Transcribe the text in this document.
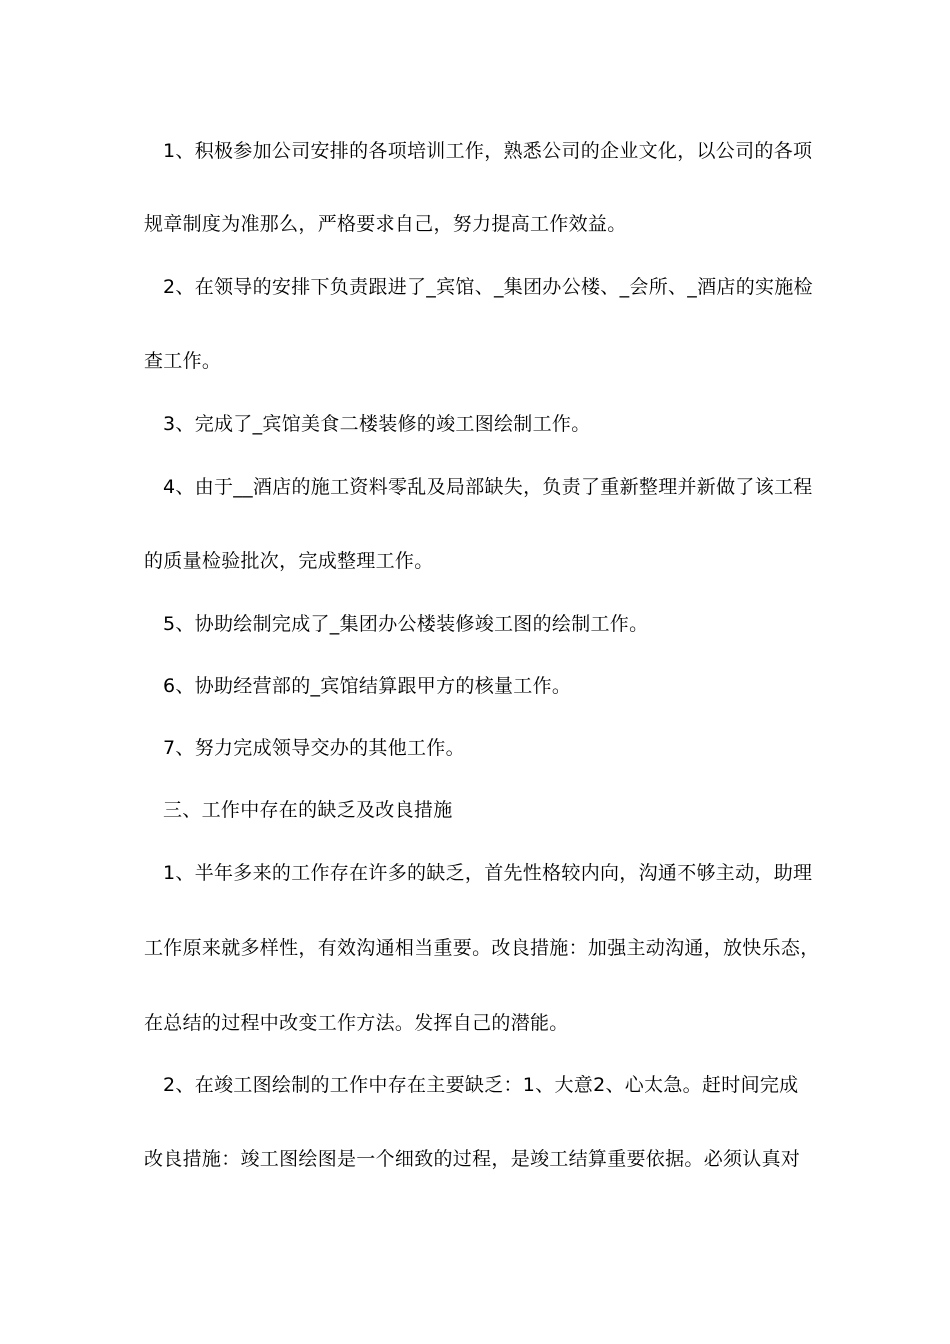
1、积极参加公司安排的各项培训工作，熟悉公司的企业文化，以公司的各项
规章制度为准那么，严格要求自己，努力提高工作效益。
2、在领导的安排下负责跟进了_宾馆、_集团办公楼、_会所、_酒店的实施检
查工作。
3、完成了_宾馆美食二楼装修的竣工图绘制工作。
4、由于__酒店的施工资料零乱及局部缺失，负责了重新整理并新做了该工程
的质量检验批次，完成整理工作。
5、协助绘制完成了_集团办公楼装修竣工图的绘制工作。
6、协助经营部的_宾馆结算跟甲方的核量工作。
7、努力完成领导交办的其他工作。
三、工作中存在的缺乏及改良措施
1、半年多来的工作存在许多的缺乏，首先性格较内向，沟通不够主动，助理
工作原来就多样性，有效沟通相当重要。改良措施：加强主动沟通，放快乐态，
在总结的过程中改变工作方法。发挥自己的潜能。
2、在竣工图绘制的工作中存在主要缺乏：1、大意2、心太急。赶时间完成
改良措施：竣工图绘图是一个细致的过程，是竣工结算重要依据。必须认真对
